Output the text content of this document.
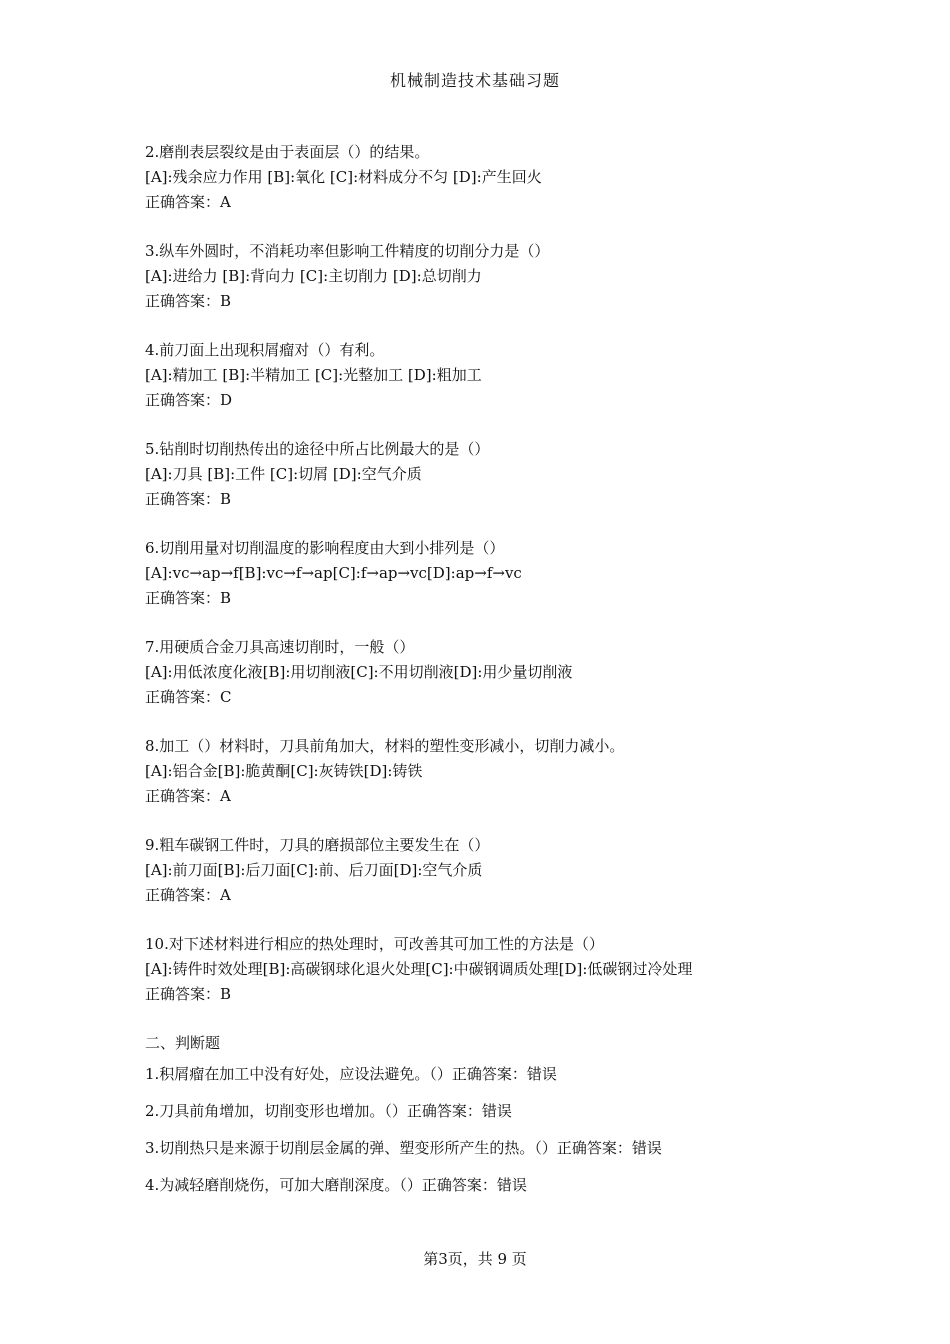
机械制造技术基础习题
2.磨削表层裂纹是由于表面层（）的结果。
[A]:残余应力作用 [B]:氧化 [C]:材料成分不匀 [D]:产生回火
正确答案：A
3.纵车外圆时，不消耗功率但影响工件精度的切削分力是（）
[A]:进给力 [B]:背向力 [C]:主切削力 [D]:总切削力
正确答案：B
4.前刀面上出现积屑瘤对（）有利。
[A]:精加工 [B]:半精加工 [C]:光整加工 [D]:粗加工
正确答案：D
5.钻削时切削热传出的途径中所占比例最大的是（）
[A]:刀具 [B]:工件 [C]:切屑 [D]:空气介质
正确答案：B
6.切削用量对切削温度的影响程度由大到小排列是（）
[A]:vc→ap→f[B]:vc→f→ap[C]:f→ap→vc[D]:ap→f→vc
正确答案：B
7.用硬质合金刀具高速切削时，一般（）
[A]:用低浓度化液[B]:用切削液[C]:不用切削液[D]:用少量切削液
正确答案：C
8.加工（）材料时，刀具前角加大，材料的塑性变形减小，切削力减小。
[A]:铝合金[B]:脆黄酮[C]:灰铸铁[D]:铸铁
正确答案：A
9.粗车碳钢工件时，刀具的磨损部位主要发生在（）
[A]:前刀面[B]:后刀面[C]:前、后刀面[D]:空气介质
正确答案：A
10.对下述材料进行相应的热处理时，可改善其可加工性的方法是（）
[A]:铸件时效处理[B]:高碳钢球化退火处理[C]:中碳钢调质处理[D]:低碳钢过冷处理
正确答案：B
二、判断题
1.积屑瘤在加工中没有好处，应设法避免。（）正确答案：错误
2.刀具前角增加，切削变形也增加。（）正确答案：错误
3.切削热只是来源于切削层金属的弹、塑变形所产生的热。（）正确答案：错误
4.为减轻磨削烧伤，可加大磨削深度。（）正确答案：错误
第3页，共 9 页
